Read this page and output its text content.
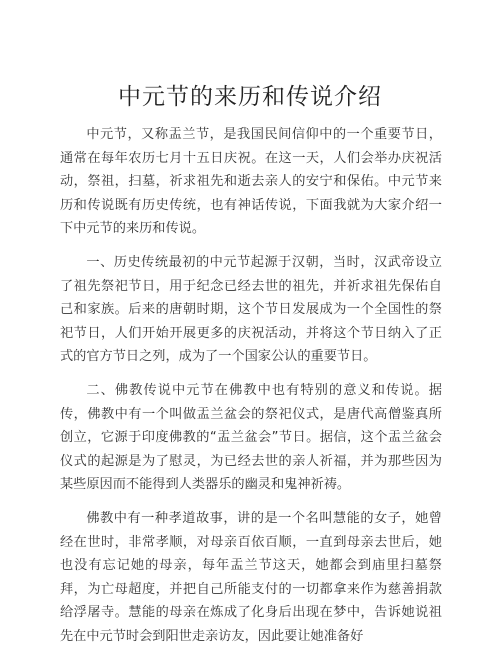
中元节的来历和传说介绍

中元节，又称盂兰节，是我国民间信仰中的一个重要节日，通常在每年农历七月十五日庆祝。在这一天，人们会举办庆祝活动，祭祖，扫墓，祈求祖先和逝去亲人的安宁和保佑。中元节来历和传说既有历史传统，也有神话传说，下面我就为大家介绍一下中元节的来历和传说。

一、历史传统最初的中元节起源于汉朝，当时，汉武帝设立了祖先祭祀节日，用于纪念已经去世的祖先，并祈求祖先保佑自己和家族。后来的唐朝时期，这个节日发展成为一个全国性的祭祀节日，人们开始开展更多的庆祝活动，并将这个节日纳入了正式的官方节日之列，成为了一个国家公认的重要节日。

二、佛教传说中元节在佛教中也有特别的意义和传说。据传，佛教中有一个叫做盂兰盆会的祭祀仪式，是唐代高僧鉴真所创立，它源于印度佛教的“盂兰盆会”节日。据信，这个盂兰盆会仪式的起源是为了慰灵，为已经去世的亲人祈福，并为那些因为某些原因而不能得到人类器乐的幽灵和鬼神祈祷。

佛教中有一种孝道故事，讲的是一个名叫慧能的女子，她曾经在世时，非常孝顺，对母亲百依百顺，一直到母亲去世后，她也没有忘记她的母亲，每年盂兰节这天，她都会到庙里扫墓祭拜，为亡母超度，并把自己所能支付的一切都拿来作为慈善捐款给浮屠寺。慧能的母亲在炼成了化身后出现在梦中，告诉她说祖先在中元节时会到阳世走亲访友，因此要让她准备好
